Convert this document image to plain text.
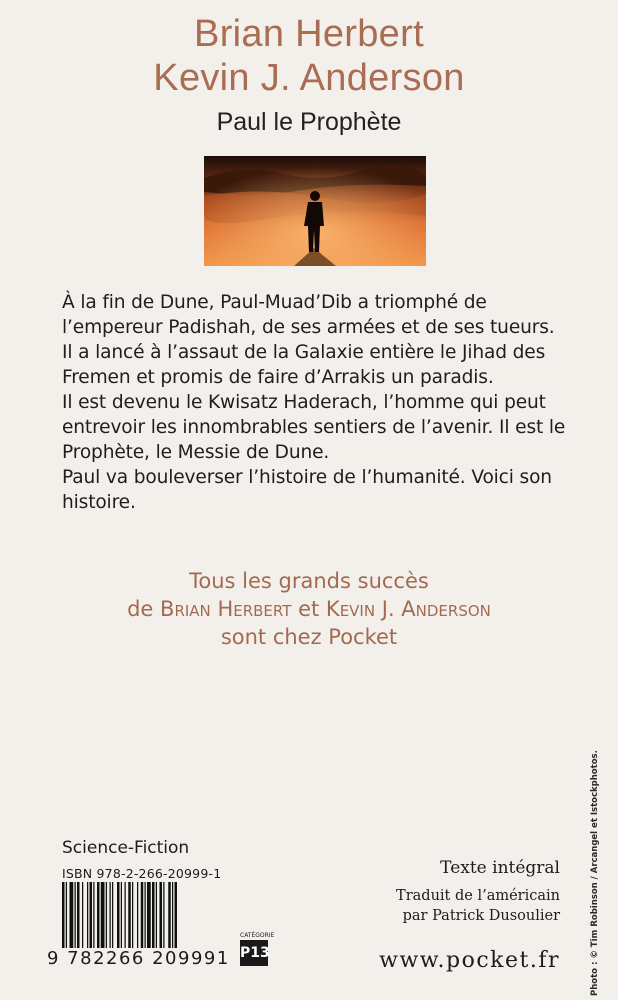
Brian Herbert
Kevin J. Anderson
Paul le Prophète

À la fin de Dune, Paul-Muad’Dib a triomphé de l’empereur Padishah, de ses armées et de ses tueurs. Il a lancé à l’assaut de la Galaxie entière le Jihad des Fremen et promis de faire d’Arrakis un paradis.

Il est devenu le Kwisatz Haderach, l’homme qui peut entrevoir les innombrables sentiers de l’avenir. Il est le Prophète, le Messie de Dune.

Paul va bouleverser l’histoire de l’humanité. Voici son histoire.

Tous les grands succès
de Brian Herbert et Kevin J. Anderson
sont chez Pocket
Science-Fiction
ISBN 978-2-266-20999-1
9 782266 209991
CATÉGORIE
P13
Texte intégral
Traduit de l’américain
par Patrick Dusoulier
www.pocket.fr	Photo : © Tim Robinson / Arcangel et Istockphotos.
